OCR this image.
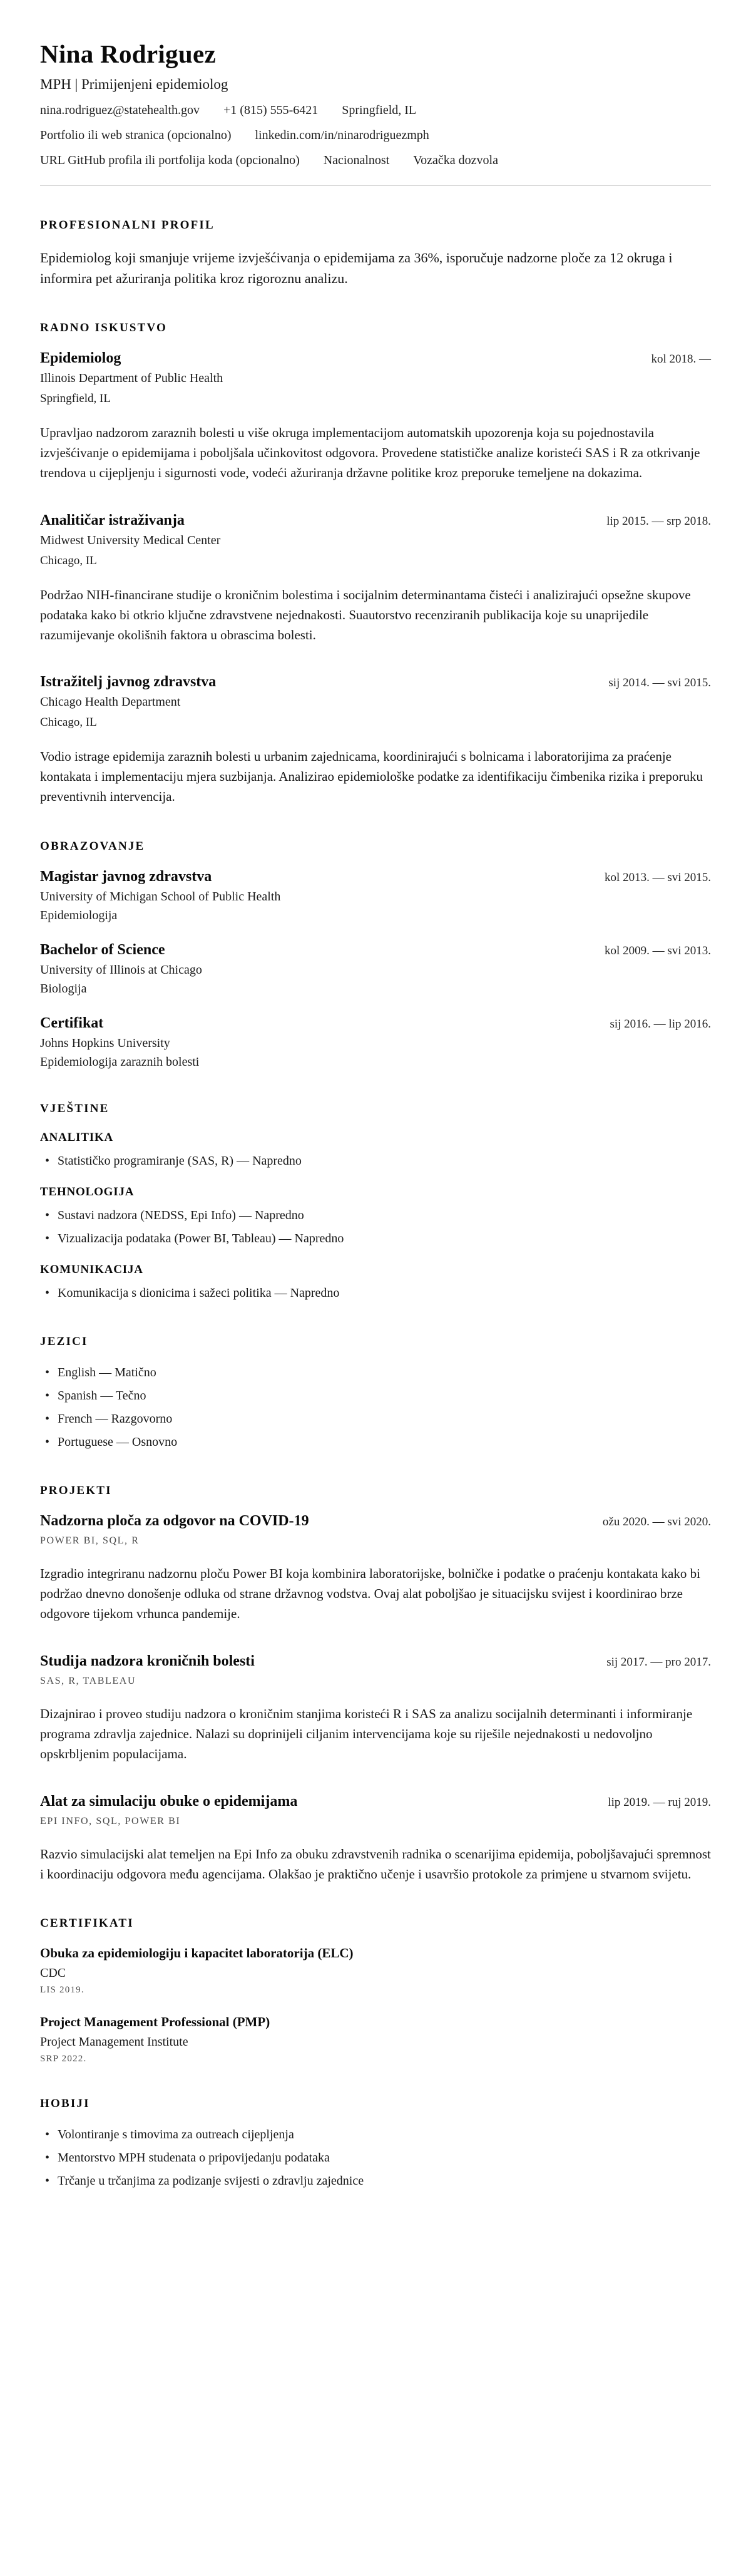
Nina Rodriguez
MPH | Primijenjeni epidemiolog
nina.rodriguez@statehealth.gov +1 (815) 555-6421 Springfield, IL
Portfolio ili web stranica (opcionalno) linkedin.com/in/ninarodriguezmph
URL GitHub profila ili portfolija koda (opcionalno) Nacionalnost Vozačka dozvola
PROFESIONALNI PROFIL

Epidemiolog koji smanjuje vrijeme izvješćivanja o epidemijama za 36%, isporučuje nadzorne ploče za 12 okruga i informira pet ažuriranja politika kroz rigoroznu analizu.

RADNO ISKUSTVO
Epidemiolog	kol 2018. —
Illinois Department of Public Health
Springfield, IL

Upravljao nadzorom zaraznih bolesti u više okruga implementacijom automatskih upozorenja koja su pojednostavila izvješćivanje o epidemijama i poboljšala učinkovitost odgovora. Provedene statističke analize koristeći SAS i R za otkrivanje trendova u cijepljenju i sigurnosti vode, vodeći ažuriranja državne politike kroz preporuke temeljene na dokazima.

Analitičar istraživanja	lip 2015. — srp 2018.
Midwest University Medical Center
Chicago, IL

Podržao NIH-financirane studije o kroničnim bolestima i socijalnim determinantama čisteći i analizirajući opsežne skupove podataka kako bi otkrio ključne zdravstvene nejednakosti. Suautorstvo recenziranih publikacija koje su unaprijedile razumijevanje okolišnih faktora u obrascima bolesti.

Istražitelj javnog zdravstva	sij 2014. — svi 2015.
Chicago Health Department
Chicago, IL

Vodio istrage epidemija zaraznih bolesti u urbanim zajednicama, koordinirajući s bolnicama i laboratorijima za praćenje kontakata i implementaciju mjera suzbijanja. Analizirao epidemiološke podatke za identifikaciju čimbenika rizika i preporuku preventivnih intervencija.

OBRAZOVANJE
Magistar javnog zdravstva	kol 2013. — svi 2015.
University of Michigan School of Public Health
Epidemiologija
Bachelor of Science	kol 2009. — svi 2013.
University of Illinois at Chicago
Biologija
Certifikat	sij 2016. — lip 2016.
Johns Hopkins University
Epidemiologija zaraznih bolesti
VJEŠTINE
ANALITIKA
• Statističko programiranje (SAS, R) — Napredno
TEHNOLOGIJA
• Sustavi nadzora (NEDSS, Epi Info) — Napredno
• Vizualizacija podataka (Power BI, Tableau) — Napredno
KOMUNIKACIJA
• Komunikacija s dionicima i sažeci politika — Napredno
JEZICI
• English — Matično
• Spanish — Tečno
• French — Razgovorno
• Portuguese — Osnovno
PROJEKTI
Nadzorna ploča za odgovor na COVID-19	ožu 2020. — svi 2020.
POWER BI, SQL, R

Izgradio integriranu nadzornu ploču Power BI koja kombinira laboratorijske, bolničke i podatke o praćenju kontakata kako bi podržao dnevno donošenje odluka od strane državnog vodstva. Ovaj alat poboljšao je situacijsku svijest i koordinirao brze odgovore tijekom vrhunca pandemije.

Studija nadzora kroničnih bolesti	sij 2017. — pro 2017.
SAS, R, TABLEAU

Dizajnirao i proveo studiju nadzora o kroničnim stanjima koristeći R i SAS za analizu socijalnih determinanti i informiranje programa zdravlja zajednice. Nalazi su doprinijeli ciljanim intervencijama koje su riješile nejednakosti u nedovoljno opskrbljenim populacijama.

Alat za simulaciju obuke o epidemijama	lip 2019. — ruj 2019.
EPI INFO, SQL, POWER BI

Razvio simulacijski alat temeljen na Epi Info za obuku zdravstvenih radnika o scenarijima epidemija, poboljšavajući spremnost i koordinaciju odgovora među agencijama. Olakšao je praktično učenje i usavršio protokole za primjene u stvarnom svijetu.

CERTIFIKATI
Obuka za epidemiologiju i kapacitet laboratorija (ELC)
CDC
LIS 2019.
Project Management Professional (PMP)
Project Management Institute
SRP 2022.
HOBIJI
• Volontiranje s timovima za outreach cijepljenja
• Mentorstvo MPH studenata o pripovijedanju podataka
• Trčanje u trčanjima za podizanje svijesti o zdravlju zajednice
